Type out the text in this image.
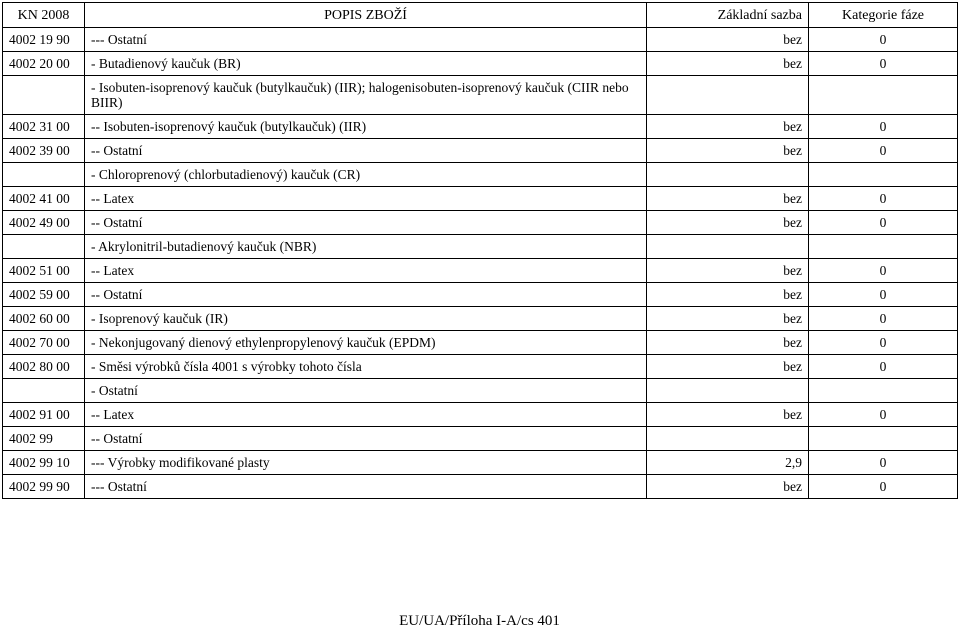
KN 2008	POPIS ZBOŽÍ	Základní sazba	Kategorie fáze
4002 19 90	--- Ostatní	bez	0
4002 20 00	- Butadienový kaučuk (BR)	bez	0
	- Isobuten-isoprenový kaučuk (butylkaučuk) (IIR); halogenisobuten-isoprenový kaučuk (CIIR nebo BIIR)		
4002 31 00	-- Isobuten-isoprenový kaučuk (butylkaučuk) (IIR)	bez	0
4002 39 00	-- Ostatní	bez	0
	- Chloroprenový (chlorbutadienový) kaučuk (CR)		
4002 41 00	-- Latex	bez	0
4002 49 00	-- Ostatní	bez	0
	- Akrylonitril-butadienový kaučuk (NBR)		
4002 51 00	-- Latex	bez	0
4002 59 00	-- Ostatní	bez	0
4002 60 00	- Isoprenový kaučuk (IR)	bez	0
4002 70 00	- Nekonjugovaný dienový ethylenpropylenový kaučuk (EPDM)	bez	0
4002 80 00	- Směsi výrobků čísla 4001 s výrobky tohoto čísla	bez	0
	- Ostatní		
4002 91 00	-- Latex	bez	0
4002 99	-- Ostatní		
4002 99 10	--- Výrobky modifikované plasty	2,9	0
4002 99 90	--- Ostatní	bez	0
EU/UA/Příloha I-A/cs 401
